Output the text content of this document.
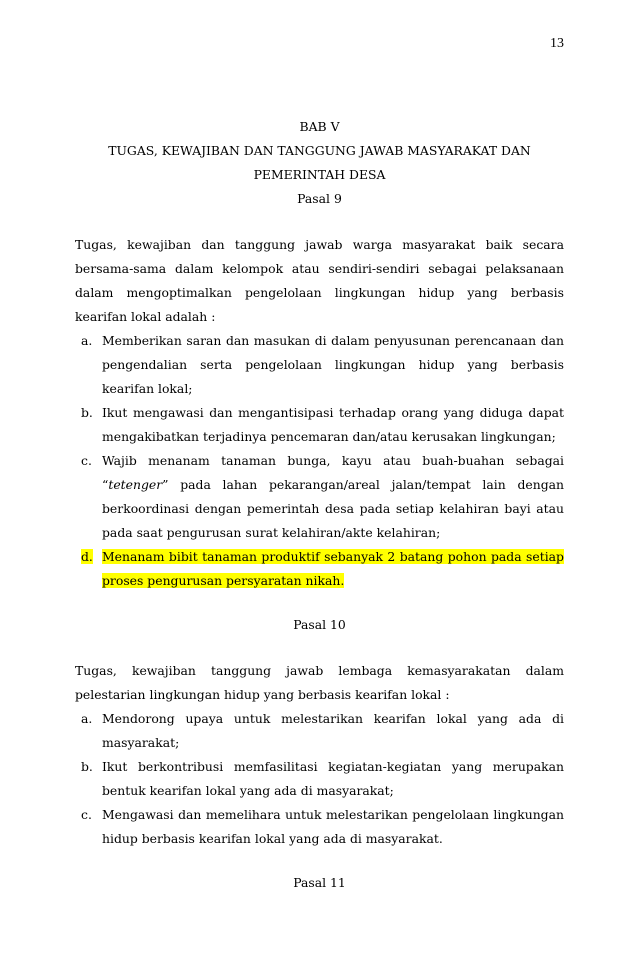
13
BAB V
TUGAS, KEWAJIBAN DAN TANGGUNG JAWAB MASYARAKAT DAN
PEMERINTAH DESA
Pasal 9

Tugas, kewajiban dan tanggung jawab warga masyarakat baik secara bersama-sama dalam kelompok atau sendiri-sendiri sebagai pelaksanaan dalam mengoptimalkan pengelolaan lingkungan hidup yang berbasis kearifan lokal adalah :

a. Memberikan saran dan masukan di dalam penyusunan perencanaan dan pengendalian serta pengelolaan lingkungan hidup yang berbasis kearifan lokal;
b. Ikut mengawasi dan mengantisipasi terhadap orang yang diduga dapat mengakibatkan terjadinya pencemaran dan/atau kerusakan lingkungan;
c. Wajib menanam tanaman bunga, kayu atau buah-buahan sebagai “tetenger” pada lahan pekarangan/areal jalan/tempat lain dengan berkoordinasi dengan pemerintah desa pada setiap kelahiran bayi atau pada saat pengurusan surat kelahiran/akte kelahiran;
d. Menanam bibit tanaman produktif sebanyak 2 batang pohon pada setiap proses pengurusan persyaratan nikah.
Pasal 10

Tugas, kewajiban tanggung jawab lembaga kemasyarakatan dalam pelestarian lingkungan hidup yang berbasis kearifan lokal :

a. Mendorong upaya untuk melestarikan kearifan lokal yang ada di masyarakat;
b. Ikut berkontribusi memfasilitasi kegiatan-kegiatan yang merupakan bentuk kearifan lokal yang ada di masyarakat;
c. Mengawasi dan memelihara untuk melestarikan pengelolaan lingkungan hidup berbasis kearifan lokal yang ada di masyarakat.
Pasal 11
